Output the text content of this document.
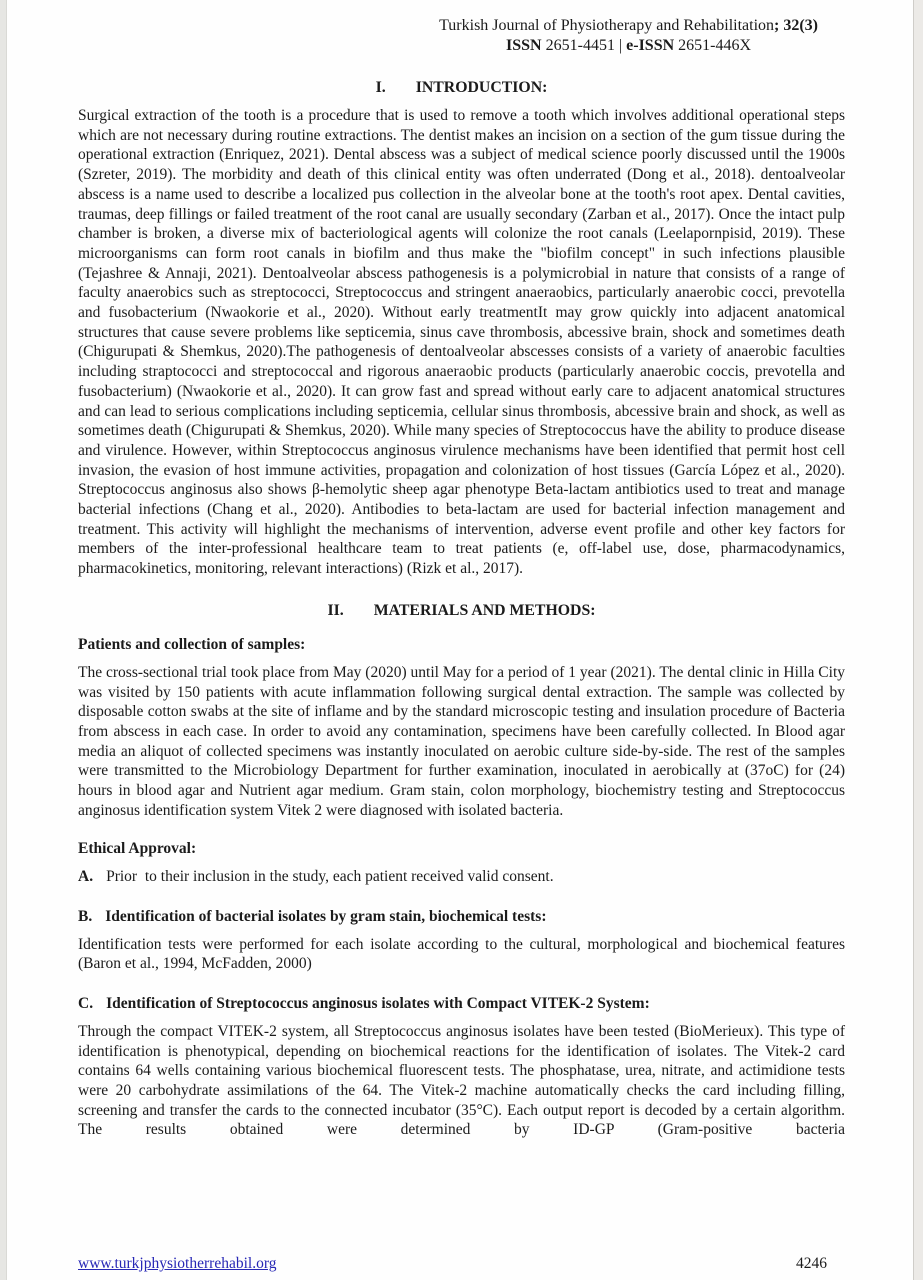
Turkish Journal of Physiotherapy and Rehabilitation; 32(3)
ISSN 2651-4451 | e-ISSN 2651-446X
I. INTRODUCTION:

Surgical extraction of the tooth is a procedure that is used to remove a tooth which involves additional operational steps which are not necessary during routine extractions. The dentist makes an incision on a section of the gum tissue during the operational extraction (Enriquez, 2021). Dental abscess was a subject of medical science poorly discussed until the 1900s (Szreter, 2019). The morbidity and death of this clinical entity was often underrated (Dong et al., 2018). dentoalveolar abscess is a name used to describe a localized pus collection in the alveolar bone at the tooth's root apex. Dental cavities, traumas, deep fillings or failed treatment of the root canal are usually secondary (Zarban et al., 2017). Once the intact pulp chamber is broken, a diverse mix of bacteriological agents will colonize the root canals (Leelapornpisid, 2019). These microorganisms can form root canals in biofilm and thus make the "biofilm concept" in such infections plausible (Tejashree & Annaji, 2021). Dentoalveolar abscess pathogenesis is a polymicrobial in nature that consists of a range of faculty anaerobics such as streptococci, Streptococcus and stringent anaeraobics, particularly anaerobic cocci, prevotella and fusobacterium (Nwaokorie et al., 2020). Without early treatmentIt may grow quickly into adjacent anatomical structures that cause severe problems like septicemia, sinus cave thrombosis, abcessive brain, shock and sometimes death (Chigurupati & Shemkus, 2020).The pathogenesis of dentoalveolar abscesses consists of a variety of anaerobic faculties including straptococci and streptococcal and rigorous anaeraobic products (particularly anaerobic coccis, prevotella and fusobacterium) (Nwaokorie et al., 2020). It can grow fast and spread without early care to adjacent anatomical structures and can lead to serious complications including septicemia, cellular sinus thrombosis, abcessive brain and shock, as well as sometimes death (Chigurupati & Shemkus, 2020). While many species of Streptococcus have the ability to produce disease and virulence. However, within Streptococcus anginosus virulence mechanisms have been identified that permit host cell invasion, the evasion of host immune activities, propagation and colonization of host tissues (García López et al., 2020). Streptococcus anginosus also shows β-hemolytic sheep agar phenotype Beta-lactam antibiotics used to treat and manage bacterial infections (Chang et al., 2020). Antibodies to beta-lactam are used for bacterial infection management and treatment. This activity will highlight the mechanisms of intervention, adverse event profile and other key factors for members of the inter-professional healthcare team to treat patients (e, off-label use, dose, pharmacodynamics, pharmacokinetics, monitoring, relevant interactions) (Rizk et al., 2017).

II. MATERIALS AND METHODS:

Patients and collection of samples:

The cross-sectional trial took place from May (2020) until May for a period of 1 year (2021). The dental clinic in Hilla City was visited by 150 patients with acute inflammation following surgical dental extraction. The sample was collected by disposable cotton swabs at the site of inflame and by the standard microscopic testing and insulation procedure of Bacteria from abscess in each case. In order to avoid any contamination, specimens have been carefully collected. In Blood agar media an aliquot of collected specimens was instantly inoculated on aerobic culture side-by-side. The rest of the samples were transmitted to the Microbiology Department for further examination, inoculated in aerobically at (37oC) for (24) hours in blood agar and Nutrient agar medium. Gram stain, colon morphology, biochemistry testing and Streptococcus anginosus identification system Vitek 2 were diagnosed with isolated bacteria.

Ethical Approval:

A. Prior  to their inclusion in the study, each patient received valid consent.
B. Identification of bacterial isolates by gram stain, biochemical tests:

Identification tests were performed for each isolate according to the cultural, morphological and biochemical features (Baron et al., 1994, McFadden, 2000)

C. Identification of Streptococcus anginosus isolates with Compact VITEK-2 System:

Through the compact VITEK-2 system, all Streptococcus anginosus isolates have been tested (BioMerieux). This type of identification is phenotypical, depending on biochemical reactions for the identification of isolates. The Vitek-2 card contains 64 wells containing various biochemical fluorescent tests. The phosphatase, urea, nitrate, and actimidione tests were 20 carbohydrate assimilations of the 64. The Vitek-2 machine automatically checks the card including filling, screening and transfer the cards to the connected incubator (35°C). Each output report is decoded by a certain algorithm. The results obtained were determined by ID-GP (Gram-positive bacteria

www.turkjphysiotherrehabil.org	4246
